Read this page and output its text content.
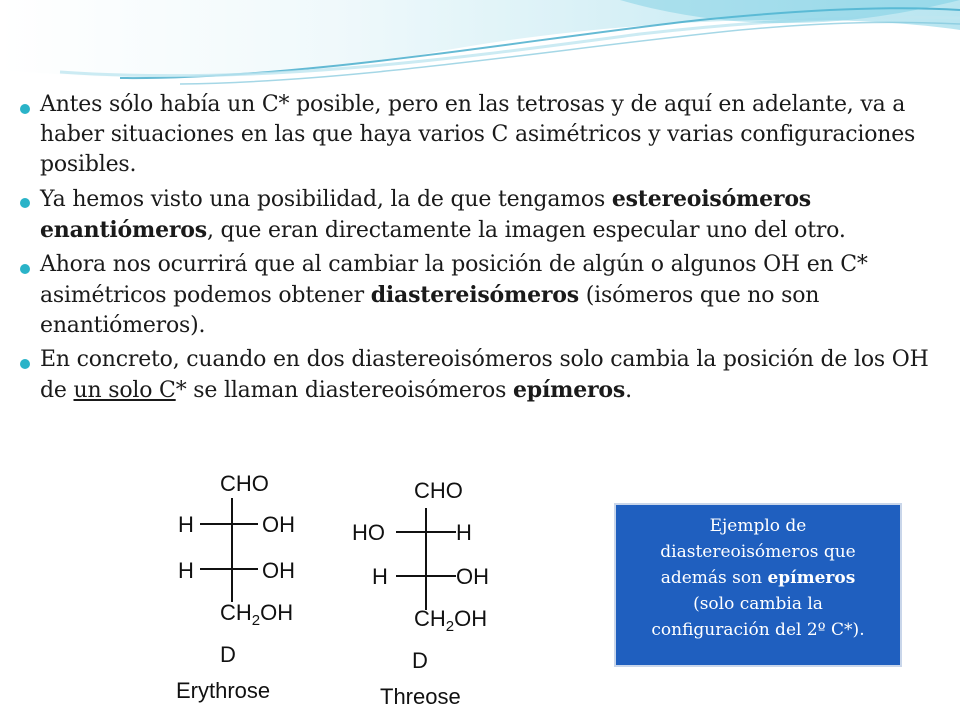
Antes sólo había un C* posible, pero en las tetrosas y de aquí en adelante, va a haber situaciones en las que haya varios C asimétricos y varias configuraciones posibles.
Ya hemos visto una posibilidad, la de que tengamos estereoisómeros enantiómeros, que eran directamente la imagen especular uno del otro.
Ahora nos ocurrirá que al cambiar la posición de algún o algunos OH en C* asimétricos podemos obtener diastereisómeros (isómeros que no son enantiómeros).
En concreto, cuando en dos diastereoisómeros solo cambia la posición de los OH de un solo C* se llaman diastereoisómeros epímeros.
CHO
H	OH
H	OH
$CH_2OH$
D
Erythrose
CHO
HO	H
H	OH
$CH_2OH$
D
Threose
Ejemplo de
diastereoisómeros que
además son epímeros
(solo cambia la
configuración del 2º C*).
